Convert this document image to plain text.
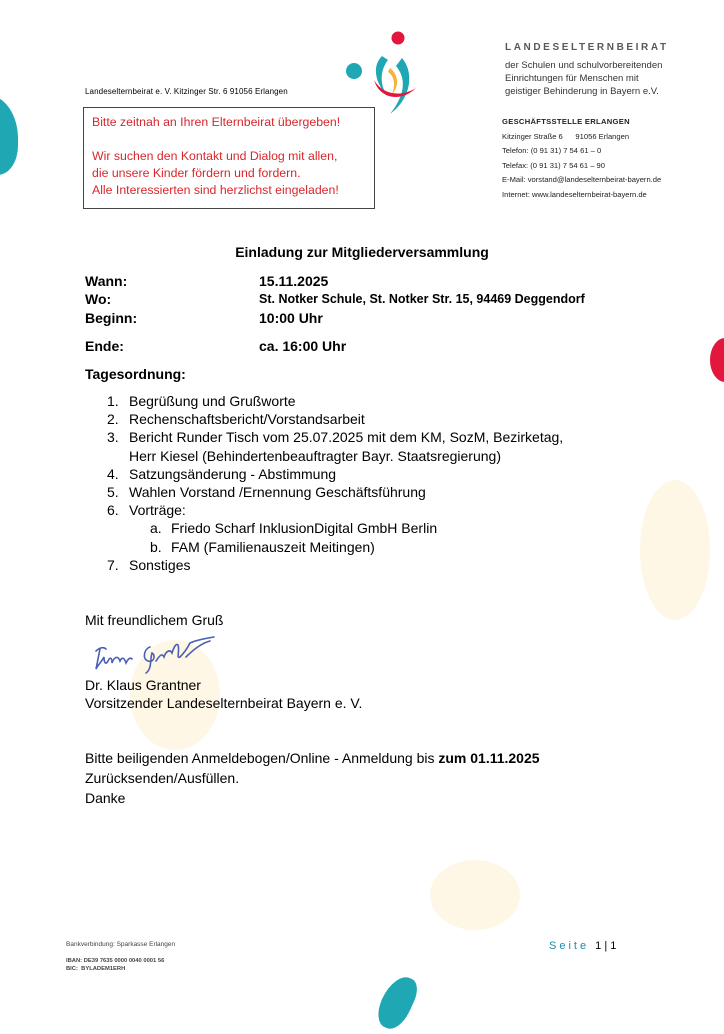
Landeselternbeirat e. V. Kitzinger Str. 6 91056 Erlangen
Bitte zeitnah an Ihren Elternbeirat übergeben!
Wir suchen den Kontakt und Dialog mit allen,
die unsere Kinder fördern und fordern.
Alle Interessierten sind herzlichst eingeladen!
LANDESELTERNBEIRAT
der Schulen und schulvorbereitenden
Einrichtungen für Menschen mit
geistiger Behinderung in Bayern e.V.
GESCHÄFTSSTELLE ERLANGEN
Kitzinger Straße 6      91056 Erlangen
Telefon: (0 91 31) 7 54 61 – 0
Telefax: (0 91 31) 7 54 61 – 90
E-Mail: vorstand@landeselternbeirat-bayern.de
Internet: www.landeselternbeirat-bayern.de
Einladung zur Mitgliederversammlung
Wann:	15.11.2025
Wo:	St. Notker Schule, St. Notker Str. 15, 94469 Deggendorf
Beginn:	10:00 Uhr
Ende:	ca. 16:00 Uhr
Tagesordnung:
1. Begrüßung und Grußworte
2. Rechenschaftsbericht/Vorstandsarbeit
3. Bericht Runder Tisch vom 25.07.2025 mit dem KM, SozM, Bezirketag,
Herr Kiesel (Behindertenbeauftragter Bayr. Staatsregierung)
4. Satzungsänderung - Abstimmung
5. Wahlen Vorstand /Ernennung Geschäftsführung
6. Vorträge:
a. Friedo Scharf InklusionDigital GmbH Berlin
b. FAM (Familienauszeit Meitingen)
7. Sonstiges
Mit freundlichem Gruß
Dr. Klaus Grantner
Vorsitzender Landeselternbeirat Bayern e. V.
Bitte beiligenden Anmeldebogen/Online - Anmeldung bis zum 01.11.2025
Zurücksenden/Ausfüllen.
Danke
Bankverbindung: Sparkasse Erlangen
IBAN: DE39 7635 0000 0040 0001 56
BIC:  BYLADEM1ERH
Seite 1 | 1
